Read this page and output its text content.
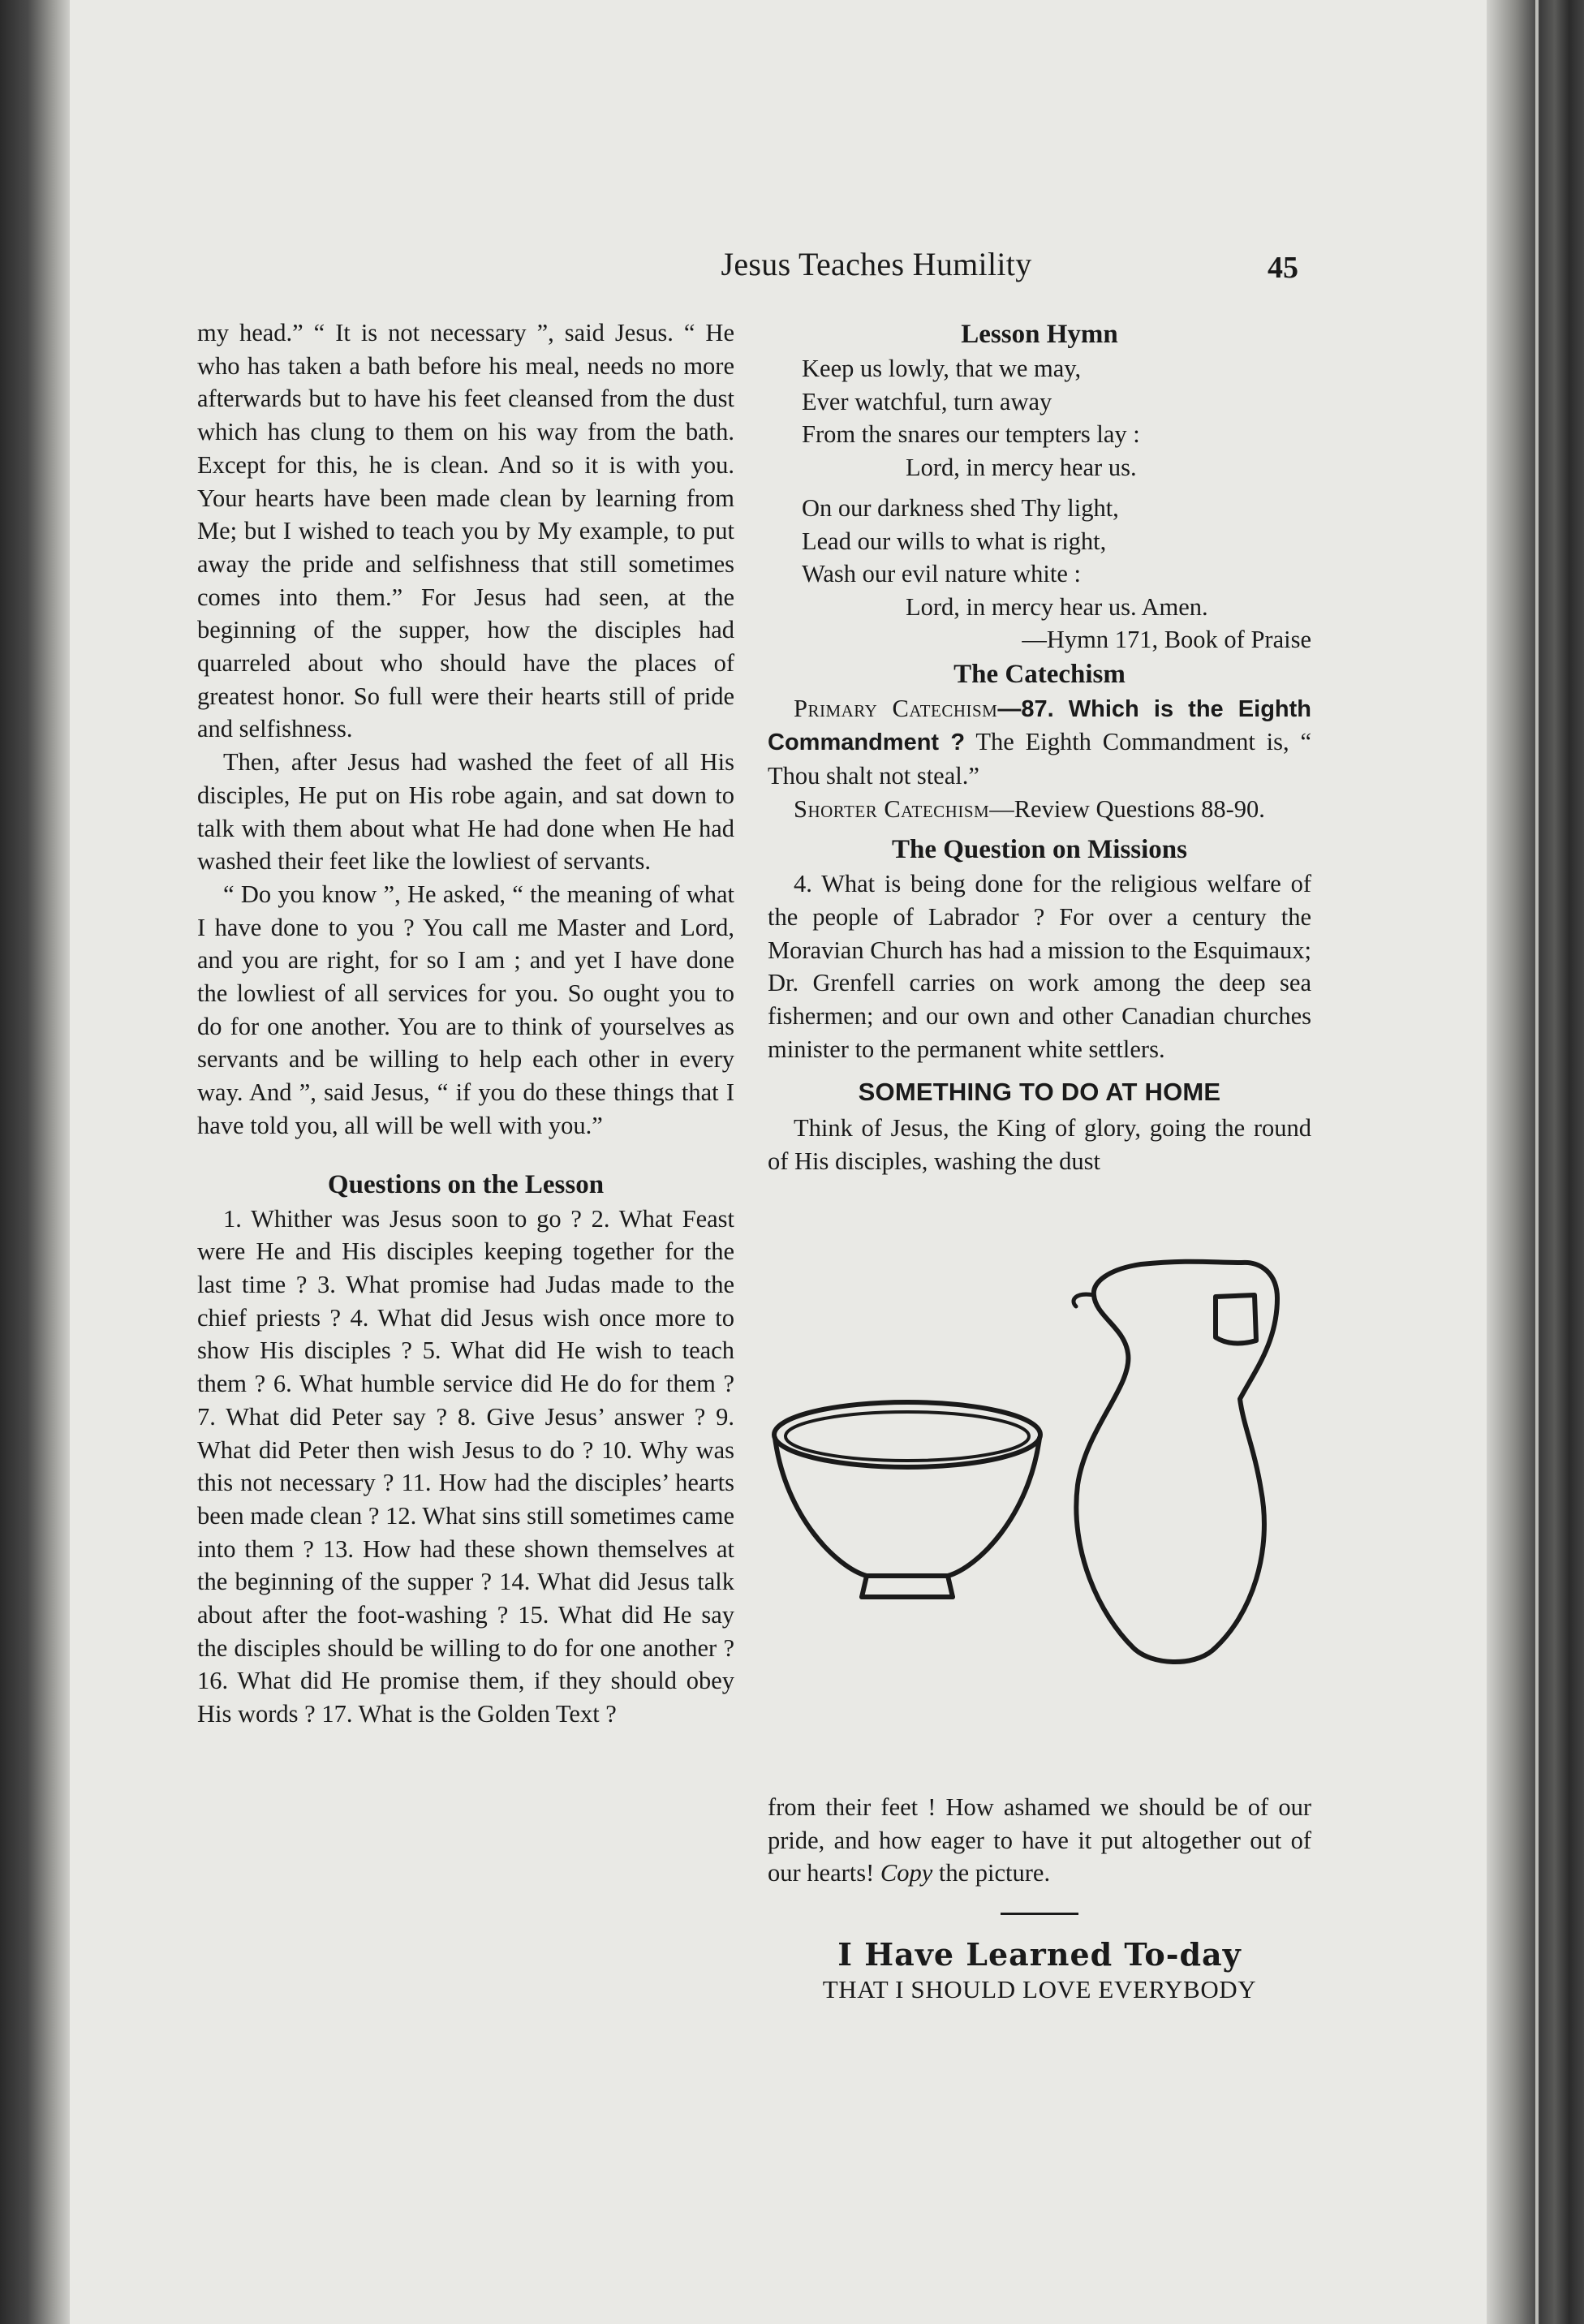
Jesus Teaches Humility	45

my head.” “ It is not necessary ”, said Jesus. “ He who has taken a bath before his meal, needs no more afterwards but to have his feet cleansed from the dust which has clung to them on his way from the bath. Except for this, he is clean. And so it is with you. Your hearts have been made clean by learning from Me; but I wished to teach you by My example, to put away the pride and selfishness that still sometimes comes into them.” For Jesus had seen, at the beginning of the supper, how the disciples had quarreled about who should have the places of greatest honor. So full were their hearts still of pride and selfishness.

Then, after Jesus had washed the feet of all His disciples, He put on His robe again, and sat down to talk with them about what He had done when He had washed their feet like the lowliest of servants.

“ Do you know ”, He asked, “ the meaning of what I have done to you ? You call me Master and Lord, and you are right, for so I am ; and yet I have done the lowliest of all services for you. So ought you to do for one another. You are to think of yourselves as servants and be willing to help each other in every way. And ”, said Jesus, “ if you do these things that I have told you, all will be well with you.”

Questions on the Lesson

1. Whither was Jesus soon to go ? 2. What Feast were He and His disciples keeping together for the last time ? 3. What promise had Judas made to the chief priests ? 4. What did Jesus wish once more to show His disciples ? 5. What did He wish to teach them ? 6. What humble service did He do for them ? 7. What did Peter say ? 8. Give Jesus’ answer ? 9. What did Peter then wish Jesus to do ? 10. Why was this not necessary ? 11. How had the disciples’ hearts been made clean ? 12. What sins still sometimes came into them ? 13. How had these shown themselves at the beginning of the supper ? 14. What did Jesus talk about after the foot-washing ? 15. What did He say the disciples should be willing to do for one another ? 16. What did He promise them, if they should obey His words ? 17. What is the Golden Text ?

Lesson Hymn
Keep us lowly, that we may,
Ever watchful, turn away
From the snares our tempters lay :
Lord, in mercy hear us.
On our darkness shed Thy light,
Lead our wills to what is right,
Wash our evil nature white :
Lord, in mercy hear us. Amen.
—Hymn 171, Book of Praise
The Catechism

Primary Catechism—87. Which is the Eighth Commandment ? The Eighth Commandment is, “ Thou shalt not steal.”

Shorter Catechism—Review Questions 88-90.

The Question on Missions

4. What is being done for the religious welfare of the people of Labrador ? For over a century the Moravian Church has had a mission to the Esquimaux; Dr. Grenfell carries on work among the deep sea fishermen; and our own and other Canadian churches minister to the permanent white settlers.

SOMETHING TO DO AT HOME

Think of Jesus, the King of glory, going the round of His disciples, washing the dust

from their feet ! How ashamed we should be of our pride, and how eager to have it put altogether out of our hearts! Copy the picture.

I Have Learned To-day
THAT I SHOULD LOVE EVERYBODY
